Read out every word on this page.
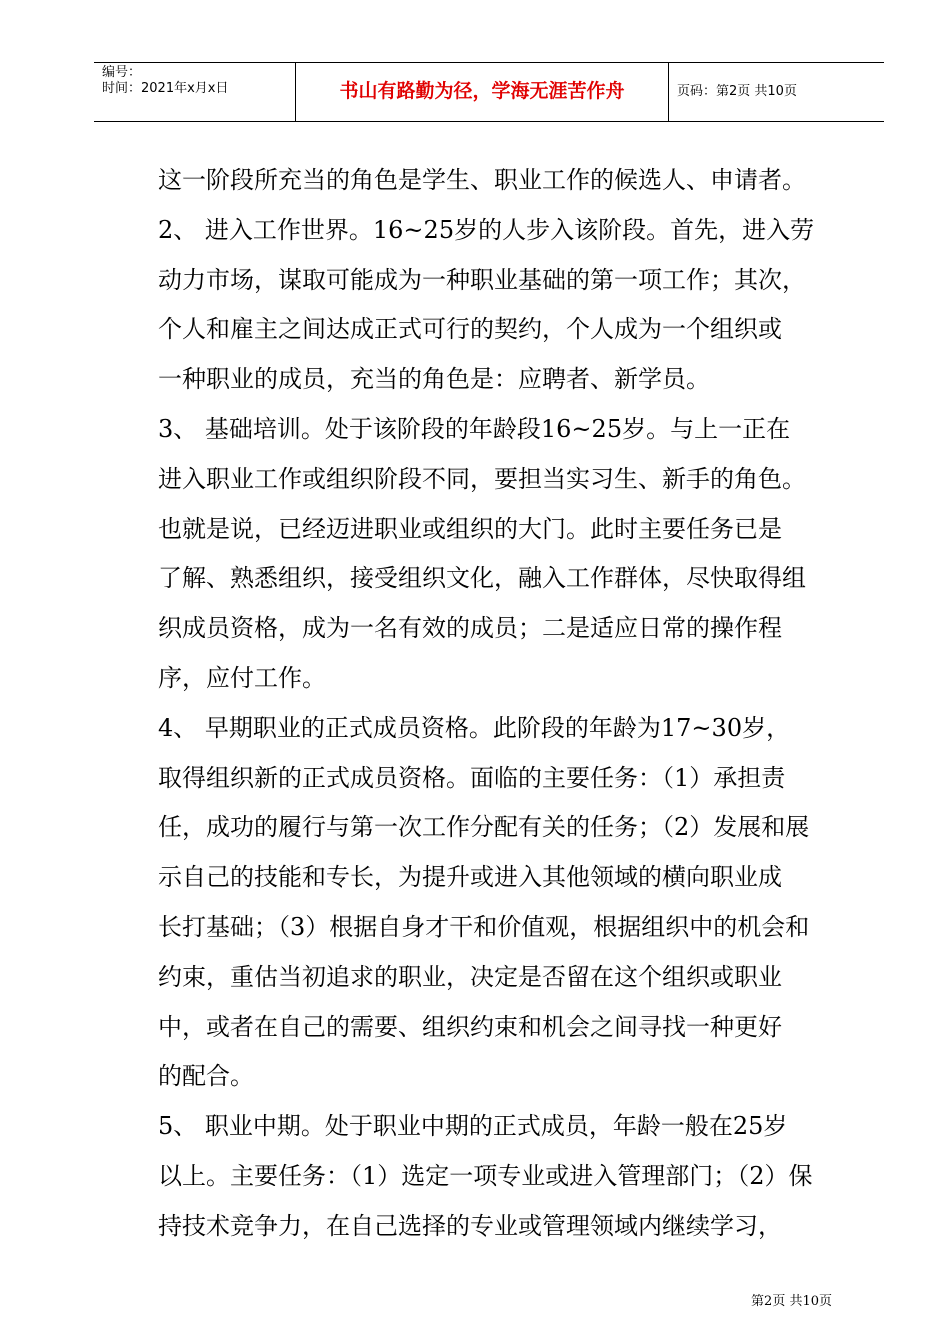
编号：
时间：2021年x月x日	书山有路勤为径，学海无涯苦作舟	页码：第2页 共10页
这一阶段所充当的角色是学生、职业工作的候选人、申请者。
2、 进入工作世界。16~25岁的人步入该阶段。首先，进入劳
动力市场，谋取可能成为一种职业基础的第一项工作；其次，
个人和雇主之间达成正式可行的契约，个人成为一个组织或
一种职业的成员，充当的角色是：应聘者、新学员。
3、 基础培训。处于该阶段的年龄段16~25岁。与上一正在
进入职业工作或组织阶段不同，要担当实习生、新手的角色。
也就是说，已经迈进职业或组织的大门。此时主要任务已是
了解、熟悉组织，接受组织文化，融入工作群体，尽快取得组
织成员资格，成为一名有效的成员；二是适应日常的操作程
序，应付工作。
4、 早期职业的正式成员资格。此阶段的年龄为17~30岁，
取得组织新的正式成员资格。面临的主要任务：（1）承担责
任，成功的履行与第一次工作分配有关的任务；（2）发展和展
示自己的技能和专长，为提升或进入其他领域的横向职业成
长打基础；（3）根据自身才干和价值观，根据组织中的机会和
约束，重估当初追求的职业，决定是否留在这个组织或职业
中，或者在自己的需要、组织约束和机会之间寻找一种更好
的配合。
5、 职业中期。处于职业中期的正式成员，年龄一般在25岁
以上。主要任务：（1）选定一项专业或进入管理部门；（2）保
持技术竞争力，在自己选择的专业或管理领域内继续学习，
第2页 共10页
